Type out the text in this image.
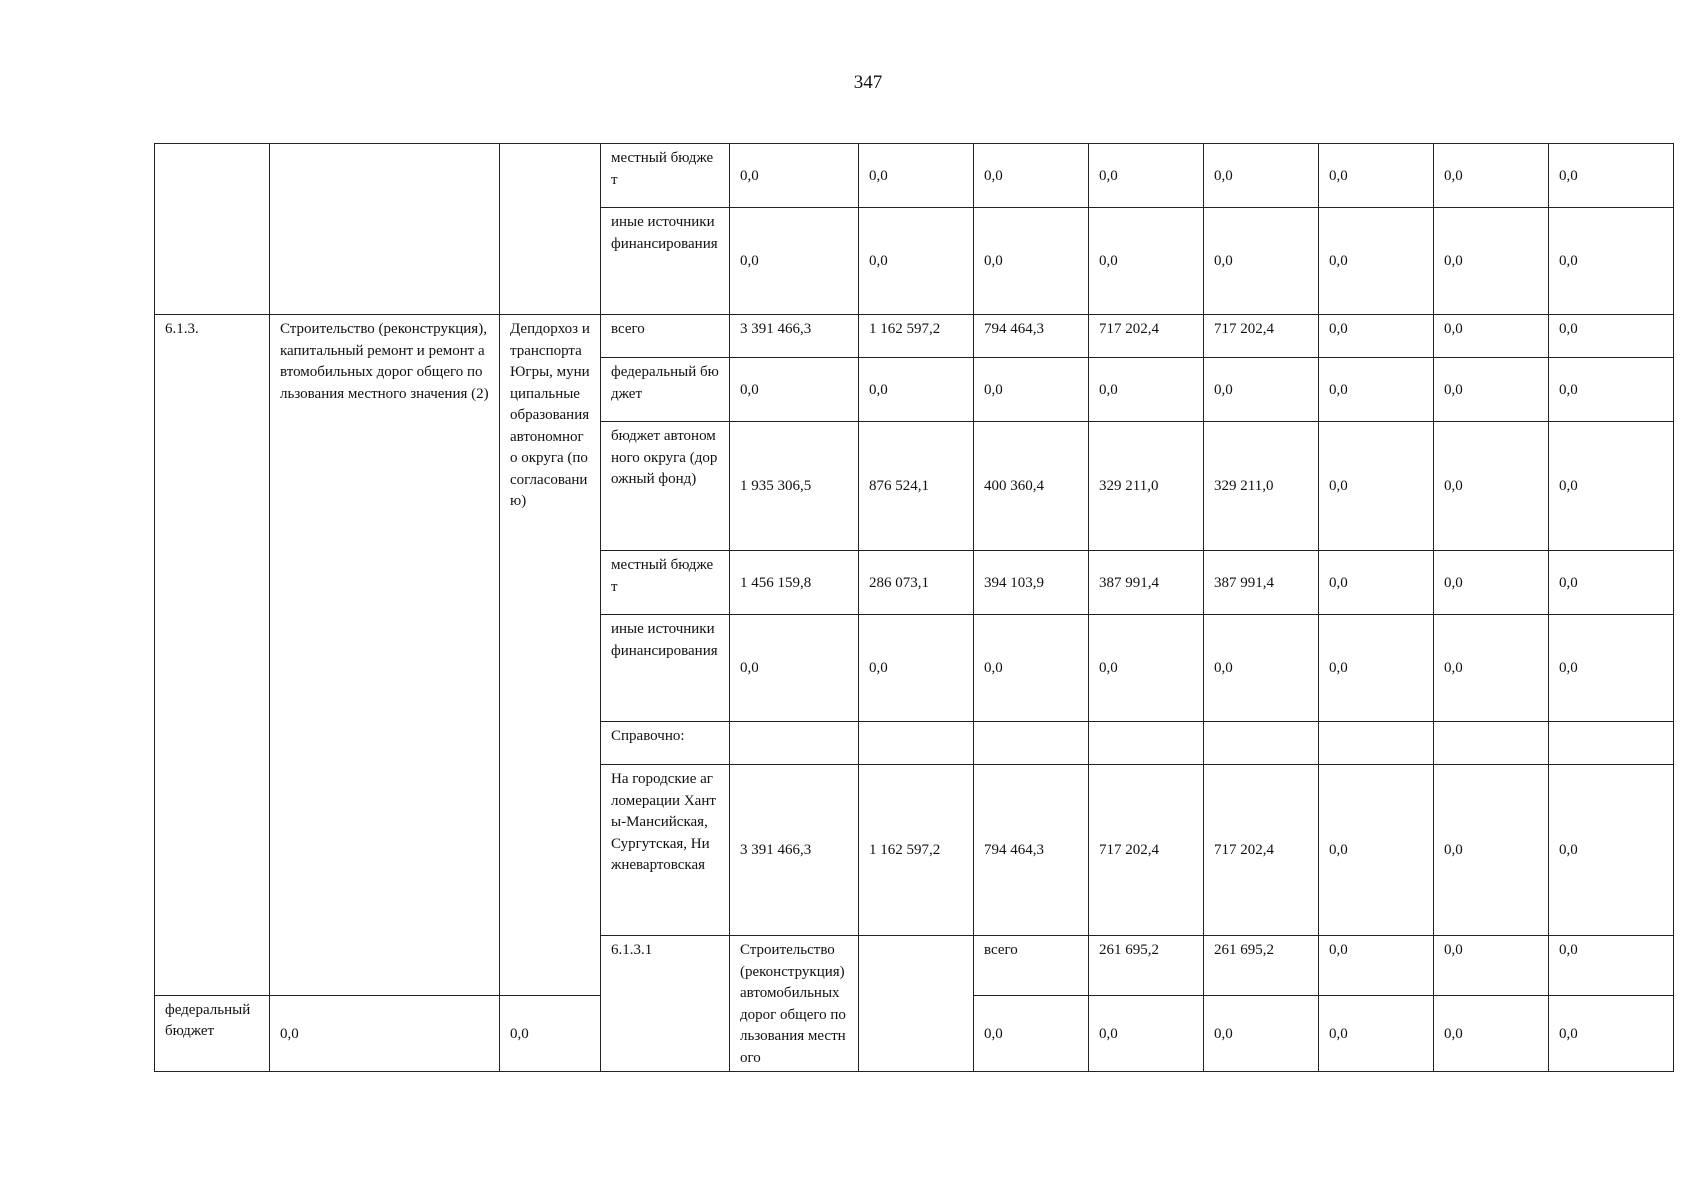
347
			местный бюджет	0,0	0,0	0,0	0,0	0,0	0,0	0,0	0,0	
			иные источники финансирования	0,0	0,0	0,0	0,0	0,0	0,0	0,0	0,0	
6.1.3.	Строительство (реконструкция), капитальный ремонт и ремонт автомобильных дорог общего пользования местного значения (2)	Депдорхоз и транспорта Югры, муниципальные образования автономного округа (по согласованию)	всего	3 391 466,3	1 162 597,2	794 464,3	717 202,4	717 202,4	0,0	0,0	0,0	
			федеральный бюджет	0,0	0,0	0,0	0,0	0,0	0,0	0,0	0,0	
			бюджет автономного округа (дорожный фонд)	1 935 306,5	876 524,1	400 360,4	329 211,0	329 211,0	0,0	0,0	0,0	
			местный бюджет	1 456 159,8	286 073,1	394 103,9	387 991,4	387 991,4	0,0	0,0	0,0	
			иные источники финансирования	0,0	0,0	0,0	0,0	0,0	0,0	0,0	0,0	
			Справочно:									
			На городские агломерации Ханты-Мансийская, Сургутская, Нижневартовская	3 391 466,3	1 162 597,2	794 464,3	717 202,4	717 202,4	0,0	0,0	0,0	
			6.1.3.1	Строительство (реконструкция) автомобильных дорог общего пользования местного		всего	261 695,2	261 695,2	0,0	0,0	0,0			
федеральный бюджет	0,0	0,0				0,0	0,0	0,0	0,0	0,0	0,0	
